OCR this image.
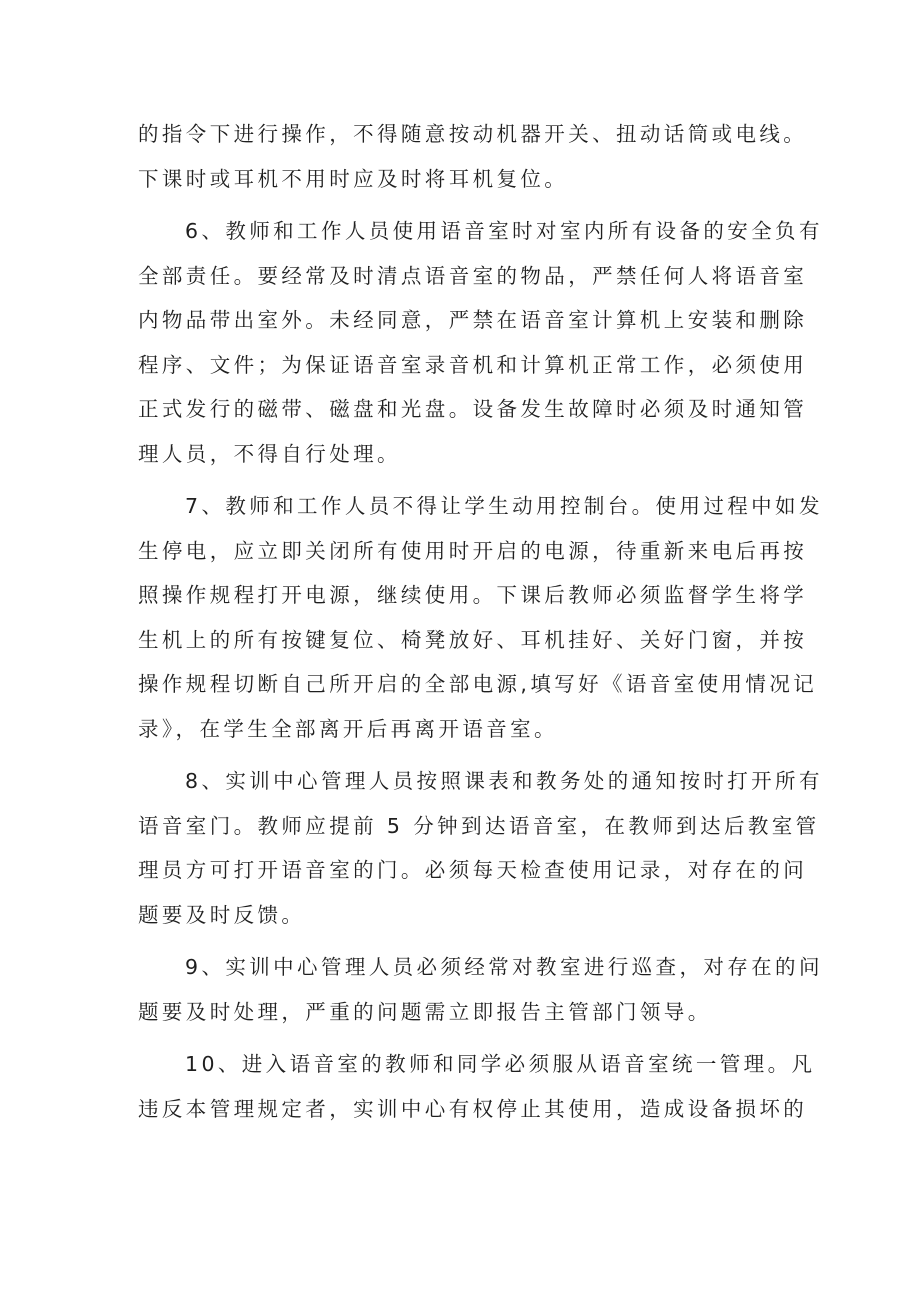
的指令下进行操作，不得随意按动机器开关、扭动话筒或电线。
下课时或耳机不用时应及时将耳机复位。

6、教师和工作人员使用语音室时对室内所有设备的安全负有
全部责任。要经常及时清点语音室的物品，严禁任何人将语音室
内物品带出室外。未经同意，严禁在语音室计算机上安装和删除
程序、文件；为保证语音室录音机和计算机正常工作，必须使用
正式发行的磁带、磁盘和光盘。设备发生故障时必须及时通知管
理人员，不得自行处理。

7、教师和工作人员不得让学生动用控制台。使用过程中如发
生停电，应立即关闭所有使用时开启的电源，待重新来电后再按
照操作规程打开电源，继续使用。下课后教师必须监督学生将学
生机上的所有按键复位、椅凳放好、耳机挂好、关好门窗，并按
操作规程切断自己所开启的全部电源,填写好《语音室使用情况记
录》，在学生全部离开后再离开语音室。

8、实训中心管理人员按照课表和教务处的通知按时打开所有
语音室门。教师应提前 5 分钟到达语音室，在教师到达后教室管
理员方可打开语音室的门。必须每天检查使用记录，对存在的问
题要及时反馈。

9、实训中心管理人员必须经常对教室进行巡查，对存在的问
题要及时处理，严重的问题需立即报告主管部门领导。

10、进入语音室的教师和同学必须服从语音室统一管理。凡
违反本管理规定者，实训中心有权停止其使用，造成设备损坏的
